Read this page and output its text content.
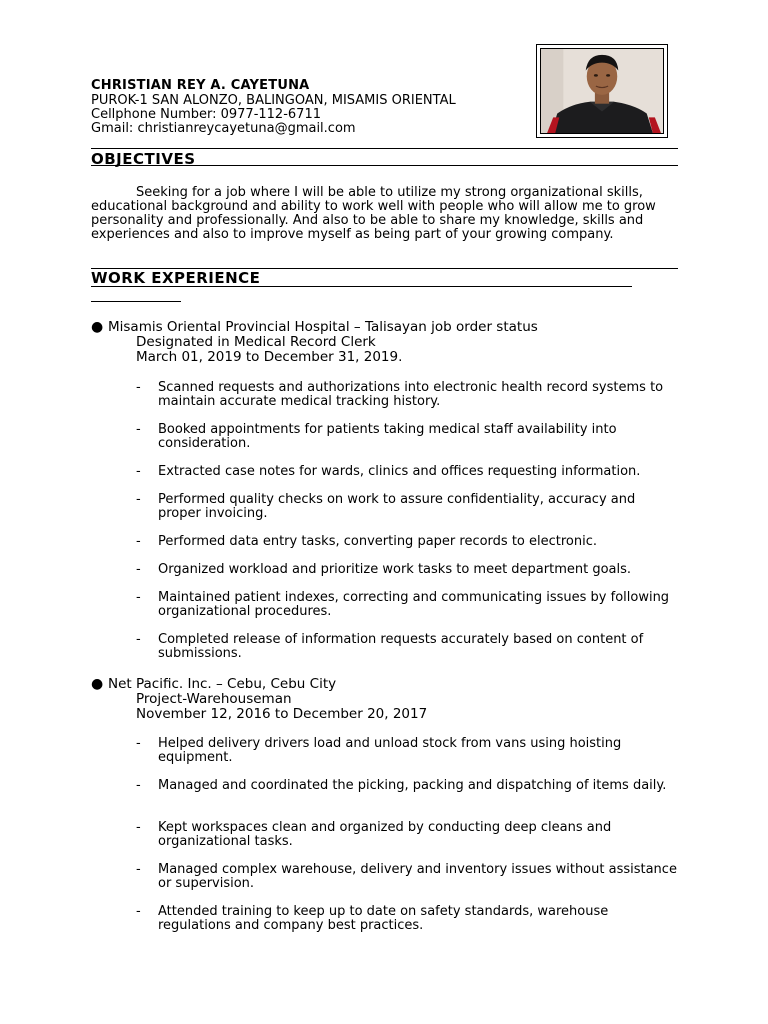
CHRISTIAN REY A. CAYETUNA
PUROK-1 SAN ALONZO, BALINGOAN, MISAMIS ORIENTAL
Cellphone Number: 0977-112-6711
Gmail: christianreycayetuna@gmail.com
OBJECTIVES

Seeking for a job where I will be able to utilize my strong organizational skills, educational background and ability to work well with people who will allow me to grow personality and professionally. And also to be able to share my knowledge, skills and experiences and also to improve myself as being part of your growing company.

WORK EXPERIENCE
● Misamis Oriental Provincial Hospital – Talisayan job order status
Designated in Medical Record Clerk
March 01, 2019 to December 31, 2019.
- Scanned requests and authorizations into electronic health record systems to maintain accurate medical tracking history.
- Booked appointments for patients taking medical staff availability into consideration.
- Extracted case notes for wards, clinics and offices requesting information.
- Performed quality checks on work to assure confidentiality, accuracy and proper invoicing.
- Performed data entry tasks, converting paper records to electronic.
- Organized workload and prioritize work tasks to meet department goals.
- Maintained patient indexes, correcting and communicating issues by following organizational procedures.
- Completed release of information requests accurately based on content of submissions.
● Net Pacific. Inc. – Cebu, Cebu City
Project-Warehouseman
November 12, 2016 to December 20, 2017
- Helped delivery drivers load and unload stock from vans using hoisting equipment.
- Managed and coordinated the picking, packing and dispatching of items daily.
- Kept workspaces clean and organized by conducting deep cleans and organizational tasks.
- Managed complex warehouse, delivery and inventory issues without assistance or supervision.
- Attended training to keep up to date on safety standards, warehouse regulations and company best practices.
